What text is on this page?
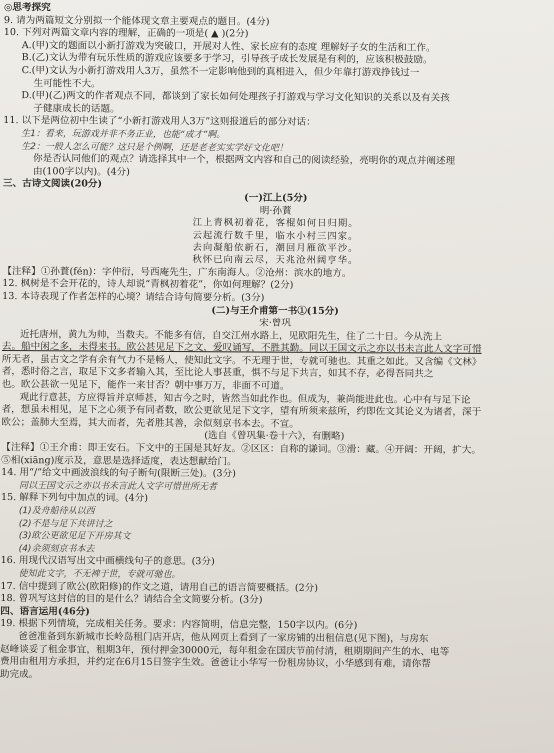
◎思考探究
9. 请为两篇短文分别拟一个能体现文章主要观点的题目。(4分)
10. 下列对两篇文章内容的理解，正确的一项是( ▲ )(2分)
A.(甲)文的题面以小新打游戏为突破口，开展对人性、家长应有的态度 理解好子女的生活和工作。
B.(乙)文认为带有玩乐性质的游戏应该要多于学习，引导孩子成长发展是有利的，应该积极鼓励。
C.(甲)文认为小新打游戏用人3万，虽然不一定影响他到的真相进入，但少年靠打游戏挣钱过一
生可能性不大。
D.(甲)(乙)两文的作者观点不同，都谈到了家长如何处理孩子打游戏与学习文化知识的关系以及有关孩
子健康成长的话题。
11. 以下是两位初中生读了“小新打游戏用人3万”这则报道后的部分对话：
生1：看来，玩游戏并非不务正业，也能“成才”啊。
生2：一般人怎么可能？这只是个例啊，还是老老实实学好文化吧！
你是否认同他们的观点？请选择其中一个，根据两文内容和自己的阅读经验，亮明你的观点并阐述理
由(100字以内)。(4分)
三、古诗文阅读(20分)
(一)江上(5分)
明·孙蕡
江上青枫初着花，客棍如何日归期。
云起流行数千里，临水小村三四家。
去向凝船依新石，潮回月雁欲平沙。
秋怀已向南云尽，天兆沧州阔亨华。
【注释】①孙蕡(fén)：字仲衍，号西庵先生，广东南海人。②沧州：滨水的地方。
12. 枫树是不会开花的，诗人却说“青枫初着花”，你如何理解？(2分)
13. 本诗表现了作者怎样的心境？请结合诗句简要分析。(3分)
(二)与王介甫第一书①(15分)
宋·曾巩
近托唐州，黄九为帅，当数夫。不能多有信，自交江州水路上，见欧阳先生，住了二十日。今从洗上
去。船中闲之多，未得来书。欧公甚见足下之文，爱叹诵写，不胜其勤。同以王国文示之亦以书未言此人文字可惜
所无者，虽古文之学有余有气力不是畅人，使知此文字。不无理于世，专就可驰也。其重之如此。又含编《文林》
者，悉时俗之言，取足下文多者输入其，至比论人事甚重，惧不与足下共言，如其不存，必得吾同共之
也。欧公甚欲一见足下，能作一来甘否？朝中事万万，非面不可道。
观此行意甚，方应得旨并京师甚，知古今之时，皆然当如此作也。但成为，兼尚能进此也。心中有与足下论
者，想虽未相见，足下之心须予有同者数，欧公更欲见足下文字，望有所须来兹所，约即佐文其论义为诸者，深于
欧公；盖肺大至焉，其大而者，先者胜其善，余似刻京书本去。不宣。
(选自《曾巩集·卷十六》，有删略)
【注释】①王介甫：即王安石。下文中的王国是其好友。②区区：自称的谦词。③滑：藏。④开阔：开阔，扩大。
⑤相(xiāng)度示及，意思是选择适度，表达想献给门。
14. 用“/”给文中画波浪线的句子断句(限断三处)。(3分)
同以王国文示之亦以书未言此人文字可惜世所无者
15. 解释下列句中加点的词。(4分)
(1)及舟船待从以西
(2)不是与足下共讲讨之
(3)欧公更欲见足下开房其文
(4)余须刻京书本去
16. 用现代汉语写出文中画横线句子的意思。(3分)
使知此文字，不无裨于世，专就可驰也。
17. 信中提到了欧公(欧阳修)的作文之道，请用自己的语言简要概括。(2分)
18. 曾巩写这封信的目的是什么？请结合全文简要分析。(3分)
四、语言运用(46分)
19. 根据下列情境，完成相关任务。要求：内容简明，信息完整，150字以内。(6分)
爸爸准备到东新城市长岭岛租门店开店，他从网页上看到了一家房铺的出租信息(见下图)，与房东
赵峰谈妥了租金事宜，租期3年，预付押金30000元，每年租金在国庆节前付清，租期期间产生的水、电等
费用由租用方承担，并约定在6月15日签字生效。爸爸让小华写一份租房协议，小华感到有难，请你帮
助完成。
